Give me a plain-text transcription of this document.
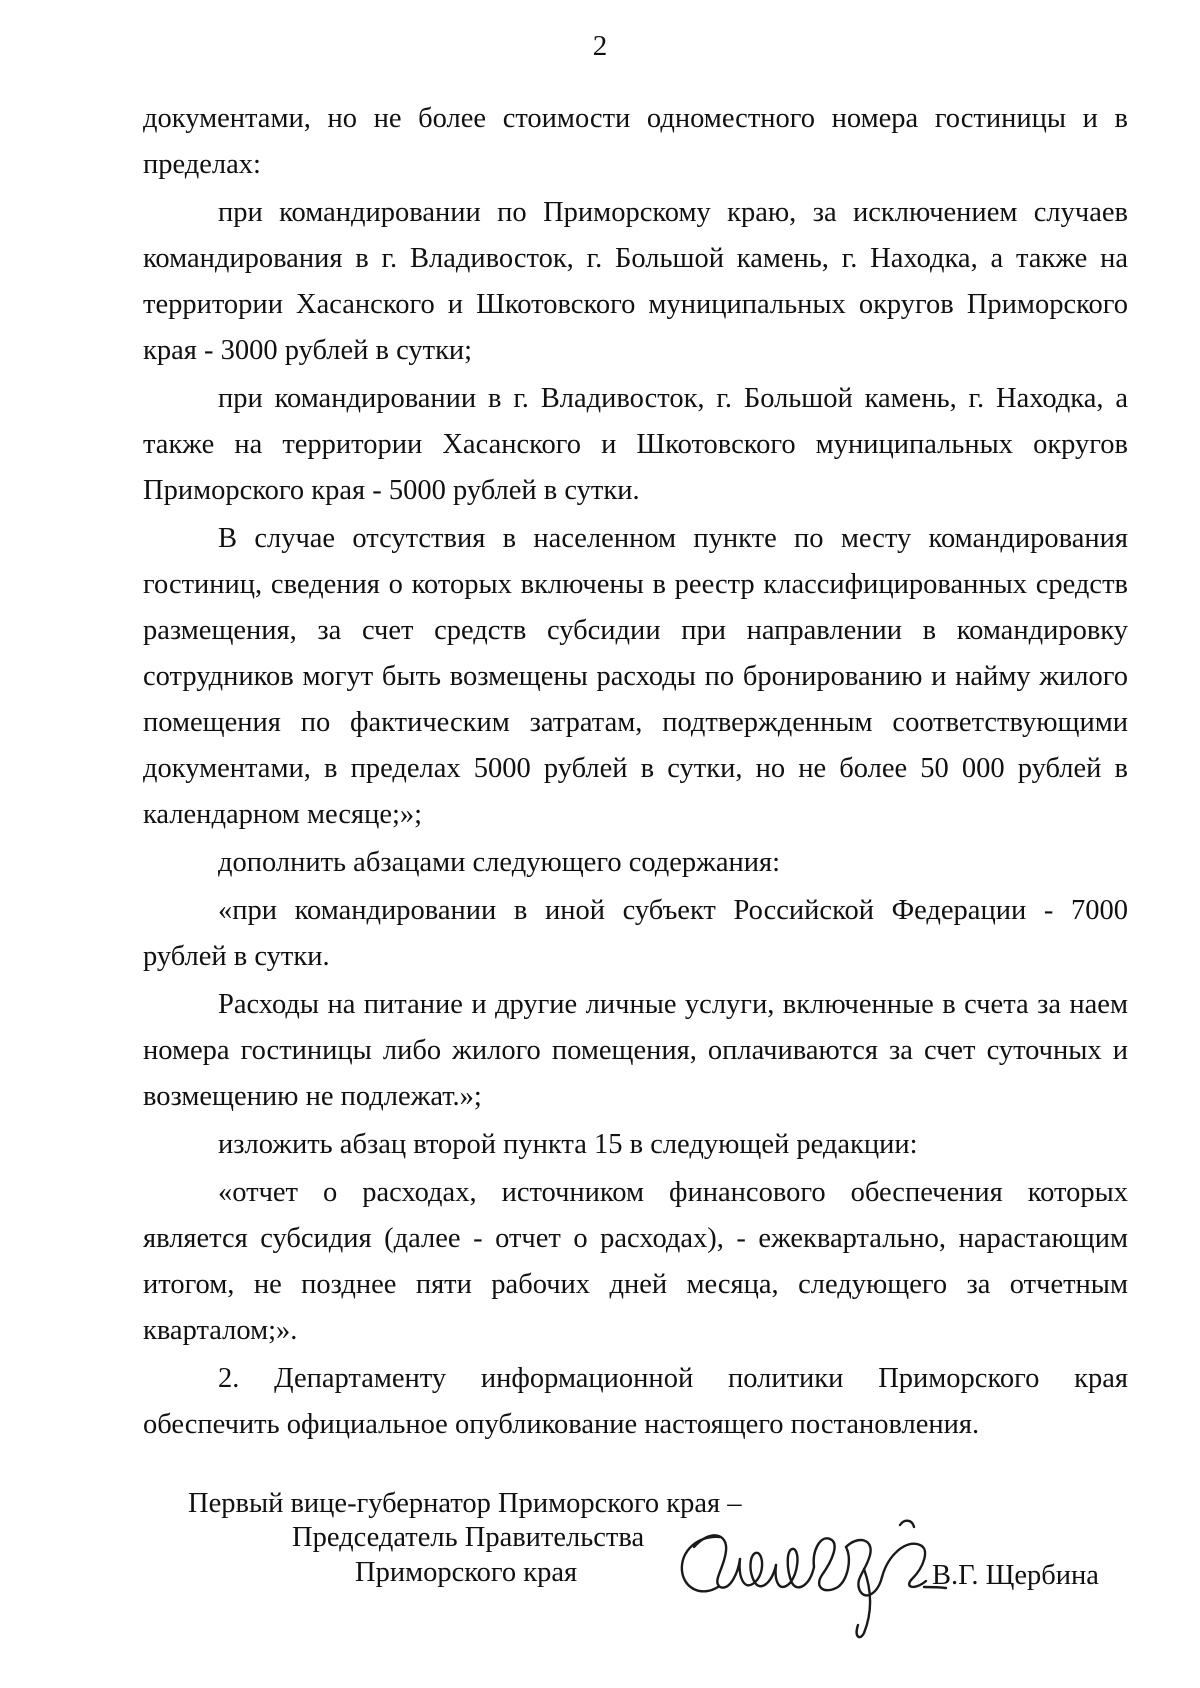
2

документами, но не более стоимости одноместного номера гостиницы и в пределах:

при командировании по Приморскому краю, за исключением случаев командирования в г. Владивосток, г. Большой камень, г. Находка, а также на территории Хасанского и Шкотовского муниципальных округов Приморского края - 3000 рублей в сутки;

при командировании в г. Владивосток, г. Большой камень, г. Находка, а также на территории Хасанского и Шкотовского муниципальных округов Приморского края - 5000 рублей в сутки.

В случае отсутствия в населенном пункте по месту командирования гостиниц, сведения о которых включены в реестр классифицированных средств размещения, за счет средств субсидии при направлении в командировку сотрудников могут быть возмещены расходы по бронированию и найму жилого помещения по фактическим затратам, подтвержденным соответствующими документами, в пределах 5000 рублей в сутки, но не более 50 000 рублей в календарном месяце;»;

дополнить абзацами следующего содержания:

«при командировании в иной субъект Российской Федерации - 7000 рублей в сутки.

Расходы на питание и другие личные услуги, включенные в счета за наем номера гостиницы либо жилого помещения, оплачиваются за счет суточных и возмещению не подлежат.»;

изложить абзац второй пункта 15 в следующей редакции:

«отчет о расходах, источником финансового обеспечения которых является субсидия (далее - отчет о расходах), - ежеквартально, нарастающим итогом, не позднее пяти рабочих дней месяца, следующего за отчетным кварталом;».

2. Департаменту информационной политики Приморского края обеспечить официальное опубликование настоящего постановления.

Первый вице-губернатор Приморского края –
Председатель Правительства
Приморского края	В.Г. Щербина
